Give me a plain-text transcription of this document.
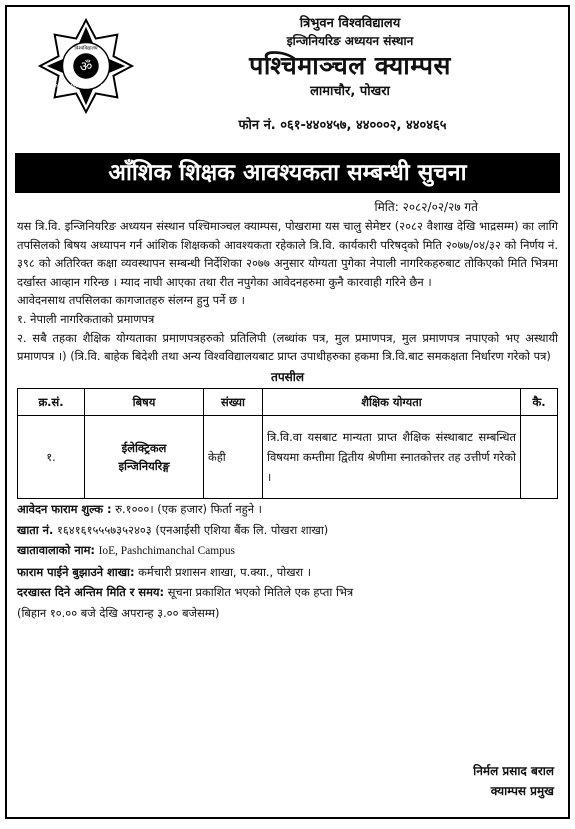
ॐ
विश्वविद्यालय
KATHMANDU	NEPAL
त्रिभुवन विश्वविद्यालय
इन्जिनियरिङ अध्ययन संस्थान
पश्चिमाञ्चल क्याम्पस
लामाचौर, पोखरा
फोन नं. ०६१-४४०४५७, ४४०००२, ४४०४६५
आँशिक शिक्षक आवश्यकता सम्बन्धी सुचना
मिति: २०८२/०२/२७ गते

यस त्रि.वि. इन्जिनियरिङ अध्ययन संस्थान पश्चिमाञ्चल क्याम्पस, पोखरामा यस चालु सेमेष्टर (२०८२ वैशाख देखि भाद्रसम्म) का लागि तपसिलको बिषय अध्यापन गर्न आंशिक शिक्षकको आवश्यकता रहेकाले त्रि.वि. कार्यकारी परिषद्को मिति २०७७/०४/३२ को निर्णय नं. ३९८ को अतिरिक्त कक्षा व्यवस्थापन सम्बन्धी निर्देशिका २०७७ अनुसार योग्यता पुगेका नेपाली नागरिकहरुबाट तोकिएको मिति भित्रमा दर्खास्त आव्हान गरिन्छ । म्याद नाघी आएका तथा रीत नपुगेका आवेदनहरुमा कुनै कारवाही गरिने छैन ।

आवेदनसाथ तपसिलका कागजातहरु संलग्न हुनु पर्ने छ ।

१. नेपाली नागरिकताको प्रमाणपत्र

२. सबै तहका शैक्षिक योग्यताका प्रमाणपत्रहरुको प्रतिलिपी (लब्धांक पत्र, मुल प्रमाणपत्र, मुल प्रमाणपत्र नपाएको भए अस्थायी प्रमाणपत्र ।) (त्रि.वि. बाहेक बिदेशी तथा अन्य विश्वविद्यालयबाट प्राप्त उपाधीहरुका हकमा त्रि.वि.बाट समकक्षता निर्धारण गरेको पत्र)

तपसील
क्र.सं.	बिषय	संख्या	शैक्षिक योग्यता	कै.
१.	ईलेक्ट्रिकल
इन्जिनियरिङ्ग	केही	त्रि.वि.वा यसबाट मान्यता प्राप्त शैक्षिक संस्थाबाट सम्बन्धित विषयमा कम्तीमा द्वितीय श्रेणीमा स्नातकोत्तर तह उत्तीर्ण गरेको ।	

आवेदन फाराम शुल्क : रु.१०००। (एक हजार) फिर्ता नहुने ।

खाता नं. १६४१६१५५५७३५२४०३ (एनआईसी एशिया बैंक लि. पोखरा शाखा)

खातावालाको नाम: IoE, Pashchimanchal Campus

फाराम पाईने बुझाउने शाखा: कर्मचारी प्रशासन शाखा, प.क्या., पोखरा ।

दरखास्त दिने अन्तिम मिति र समय: सूचना प्रकाशित भएको मितिले एक हप्ता भित्र

(बिहान १०.०० बजे देखि अपरान्ह ३.०० बजेसम्म)

निर्मल प्रसाद बराल
क्याम्पस प्रमुख
